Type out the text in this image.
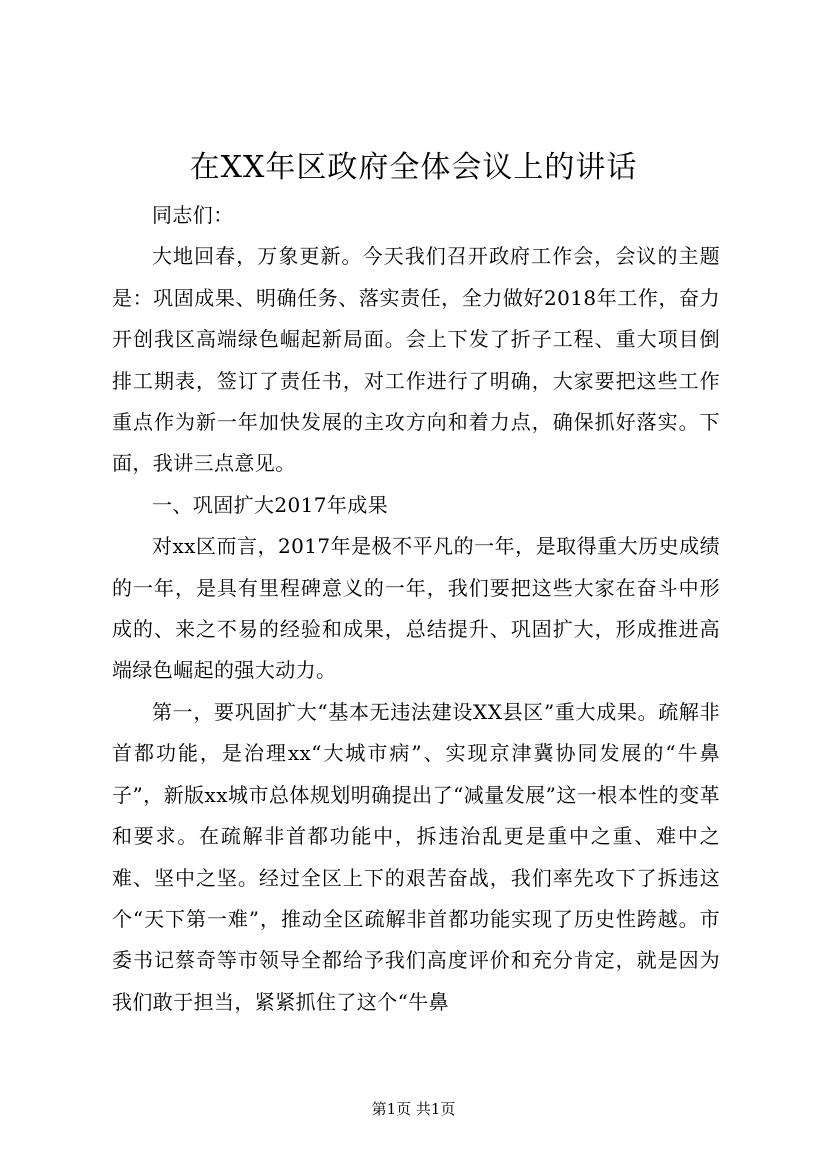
在XX年区政府全体会议上的讲话

同志们：

大地回春，万象更新。今天我们召开政府工作会，会议的主题是：巩固成果、明确任务、落实责任，全力做好2018年工作，奋力开创我区高端绿色崛起新局面。会上下发了折子工程、重大项目倒排工期表，签订了责任书，对工作进行了明确，大家要把这些工作重点作为新一年加快发展的主攻方向和着力点，确保抓好落实。下面，我讲三点意见。

一、巩固扩大2017年成果

对xx区而言，2017年是极不平凡的一年，是取得重大历史成绩的一年，是具有里程碑意义的一年，我们要把这些大家在奋斗中形成的、来之不易的经验和成果，总结提升、巩固扩大，形成推进高端绿色崛起的强大动力。

第一，要巩固扩大“基本无违法建设XX县区”重大成果。疏解非首都功能，是治理xx“大城市病”、实现京津冀协同发展的“牛鼻子”，新版xx城市总体规划明确提出了“减量发展”这一根本性的变革和要求。在疏解非首都功能中，拆违治乱更是重中之重、难中之难、坚中之坚。经过全区上下的艰苦奋战，我们率先攻下了拆违这个“天下第一难”，推动全区疏解非首都功能实现了历史性跨越。市委书记蔡奇等市领导全都给予我们高度评价和充分肯定，就是因为我们敢于担当，紧紧抓住了这个“牛鼻

第1页 共1页
